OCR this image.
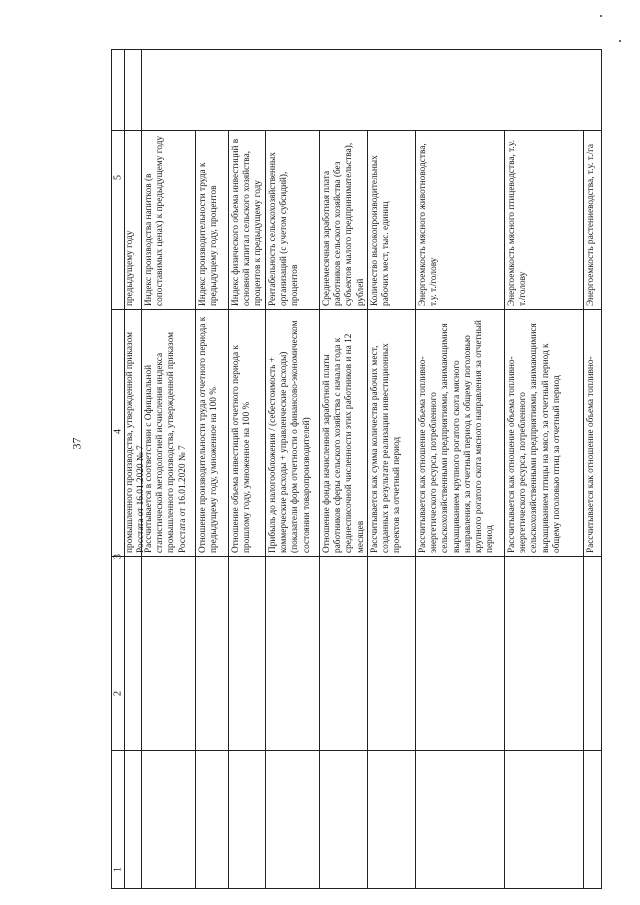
37
1
2
3
4
5
предыдущему году
промышленного производства, утвержденной приказом Росстата от 16.01.2020 № 7
Индекс производства напитков (в сопоставимых ценах) к предыдущему году
Рассчитывается в соответствии с Официальной статистической методологией исчисления индекса промышленного производства, утвержденной приказом Росстата от 16.01.2020 № 7
Индекс производительности труда к предыдущему году, процентов
Отношение производительности труда отчетного периода к предыдущему году, умноженное на 100 %
Индекс физического объема инвестиций в основной капитал сельского хозяйства, процентов к предыдущему году
Отношение объема инвестиций отчетного периода к прошлому году, умноженное на 100 %
Рентабельность сельскохозяйственных организаций (с учетом субсидий), процентов
Прибыль до налогообложения / (себестоимость + коммерческие расходы + управленческие расходы) (показатели форм отчетности о финансово-экономическом состоянии товаропроизводителей)
Среднемесячная заработная плата работников сельского хозяйства (без субъектов малого предпринимательства), рублей
Отношение фонда начисленной заработной платы работников сферы сельского хозяйства с начала года к среднесписочной численности этих работников и на 12 месяцев
Количество высокопроизводительных рабочих мест, тыс. единиц
Рассчитывается как сумма количества рабочих мест, созданных в результате реализации инвестиционных проектов за отчетный период
Энергоемкость мясного животноводства, т.у. т./голову
Рассчитывается как отношение объема топливно-энергетического ресурса, потребленного сельскохозяйственными предприятиями, занимающимися выращиванием крупного рогатого скота мясного направления, за отчетный период к общему поголовью крупного рогатого скота мясного направления за отчетный период
Энергоемкость мясного птицеводства, т.у. т./голову
Рассчитывается как отношение объема топливно-энергетического ресурса, потребленного сельскохозяйственными предприятиями, занимающимися выращиванием птицы на мясо, за отчетный период к общему поголовью птиц за отчетный период
Энергоемкость растениеводства, т.у. т./га
Рассчитывается как отношение объема топливно-
